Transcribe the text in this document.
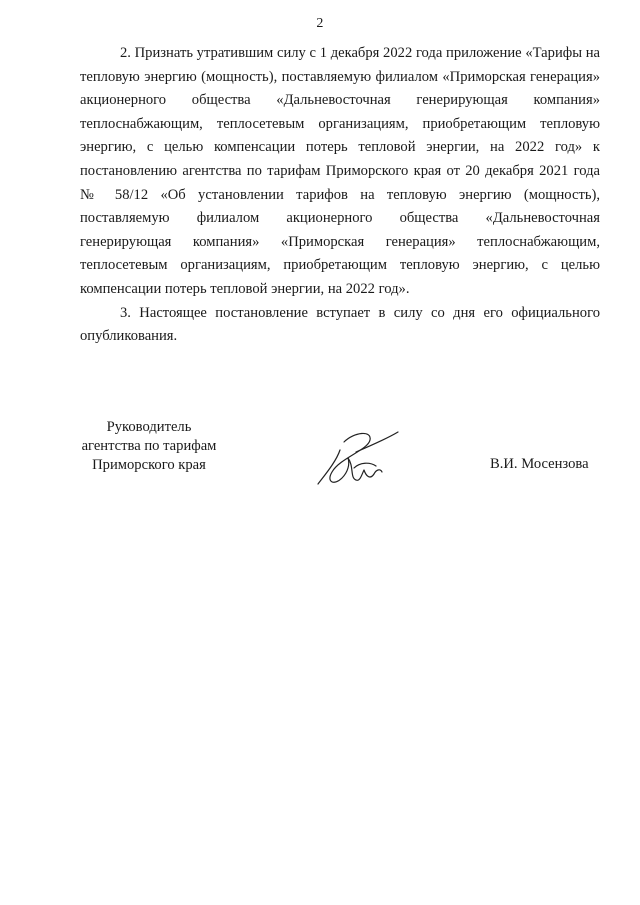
2

2. Признать утратившим силу с 1 декабря 2022 года приложение «Тарифы на тепловую энергию (мощность), поставляемую филиалом «Приморская генерация» акционерного общества «Дальневосточная генерирующая компания» теплоснабжающим, теплосетевым организациям, приобретающим тепловую энергию, с целью компенсации потерь тепловой энергии, на 2022 год» к постановлению агентства по тарифам Приморского края от 20 декабря 2021 года № 58/12 «Об установлении тарифов на тепловую энергию (мощность), поставляемую филиалом акционерного общества «Дальневосточная генерирующая компания» «Приморская генерация» теплоснабжающим, теплосетевым организациям, приобретающим тепловую энергию, с целью компенсации потерь тепловой энергии, на 2022 год».

3. Настоящее постановление вступает в силу со дня его официального опубликования.

Руководитель
агентства по тарифам
Приморского края	В.И. Мосензова
